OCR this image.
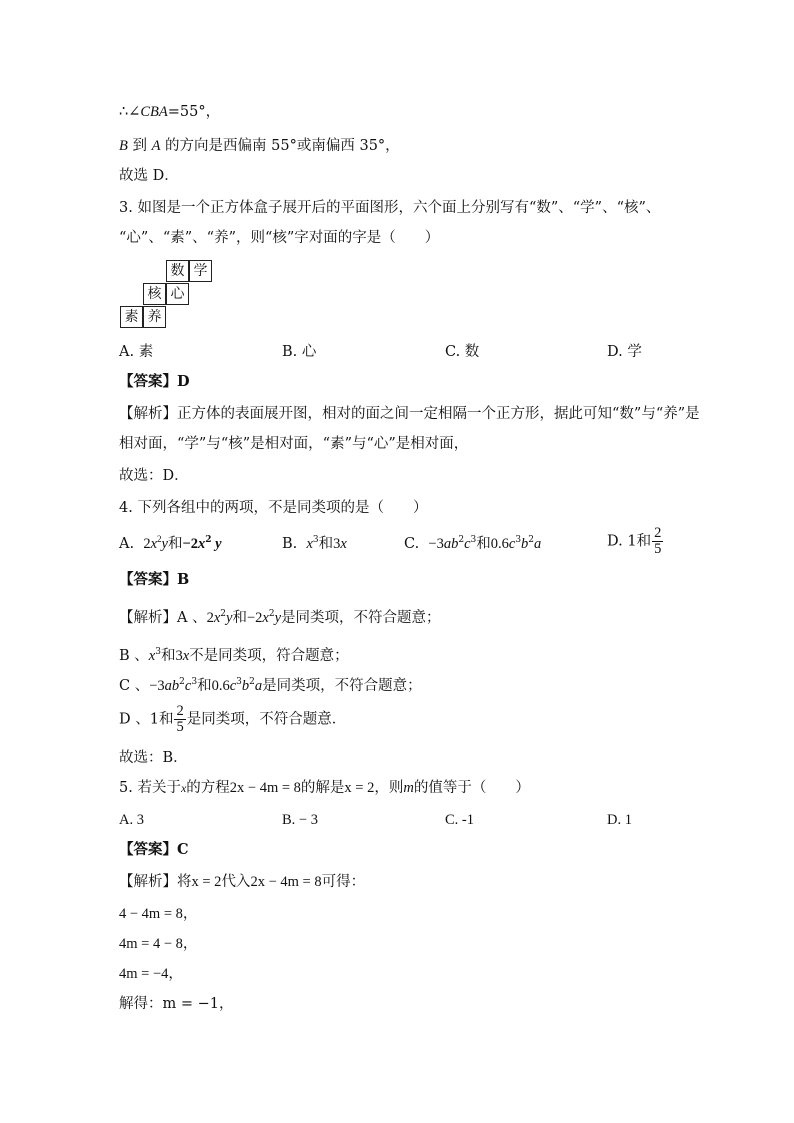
∴∠CBA=55°，
B 到 A 的方向是西偏南 55°或南偏西 35°，
故选 D．
3. 如图是一个正方体盒子展开后的平面图形，六个面上分别写有“数”、“学”、“核”、
“心”、“素”、“养”，则“核”字对面的字是（　　）
数 学
核 心
素 养
A. 素	B. 心	C. 数	D. 学
【答案】D
【解析】正方体的表面展开图，相对的面之间一定相隔一个正方形，据此可知“数”与“养”是
相对面，“学”与“核”是相对面，“素”与“心”是相对面，
故选：D．
4. 下列各组中的两项，不是同类项的是（　　）
A. $2x^2y$和$-2x^2$ y	B. $x^3$和3x	C. $-3ab^2c^3$和$0.6c^3b^2a$	D. 1和 $\frac{2}{5}$
【答案】B
【解析】A 、$2x^2y$和$-2x^2y$是同类项，不符合题意；
B 、$x^3$和3x不是同类项，符合题意；
C 、$-3ab^2c^3$和$0.6c^3b^2a$是同类项，不符合题意；
D 、1和 $\frac{2}{5}$ 是同类项，不符合题意．
故选：B．
5. 若关于x的方程2x − 4m = 8的解是x = 2，则m的值等于（　　）
A. 3	B. − 3	C. -1	D. 1
【答案】C
【解析】将x = 2代入2x − 4m = 8可得：
4 − 4m = 8，
4m = 4 − 8，
4m = −4，
解得：m = −1，
